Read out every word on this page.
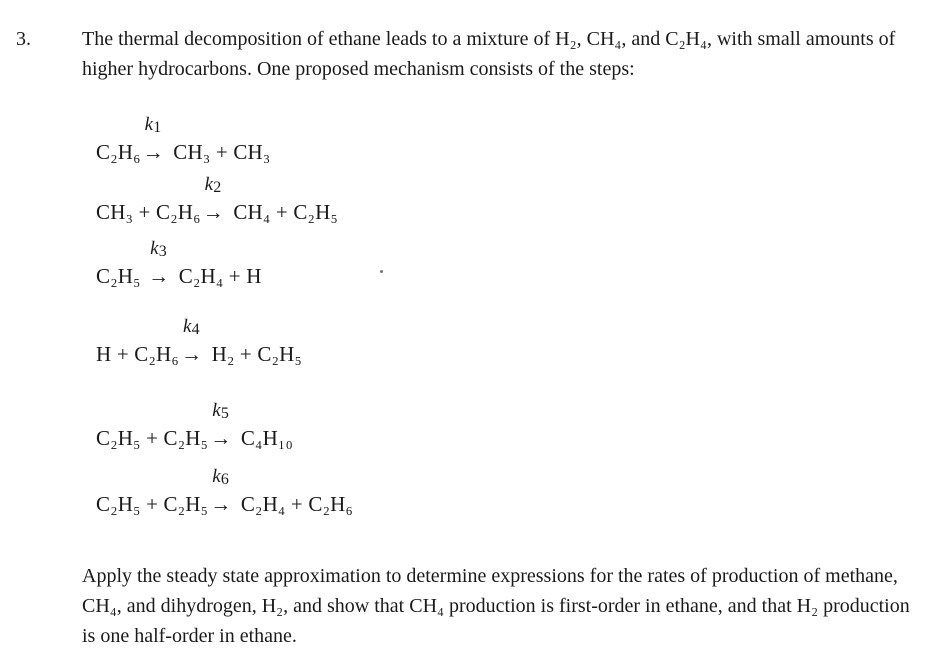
3.	The thermal decomposition of ethane leads to a mixture of H₂, CH₄, and C₂H₄, with small amounts of higher hydrocarbons. One proposed mechanism consists of the steps:
C₂H₆
$k_1$
→ CH₃ + CH₃
CH₃ + C₂H₆
$k_2$
→ CH₄ + C₂H₅
C₂H₅
$k_3$
→ C₂H₄ + H
H + C₂H₆
$k_4$
→ H₂ + C₂H₅
C₂H₅ + C₂H₅
$k_5$
→ C₄H₁₀
C₂H₅ + C₂H₅
$k_6$
→ C₂H₄ + C₂H₆
Apply the steady state approximation to determine expressions for the rates of production of methane, CH₄, and dihydrogen, H₂, and show that CH₄ production is first-order in ethane, and that H₂ production is one half-order in ethane.
